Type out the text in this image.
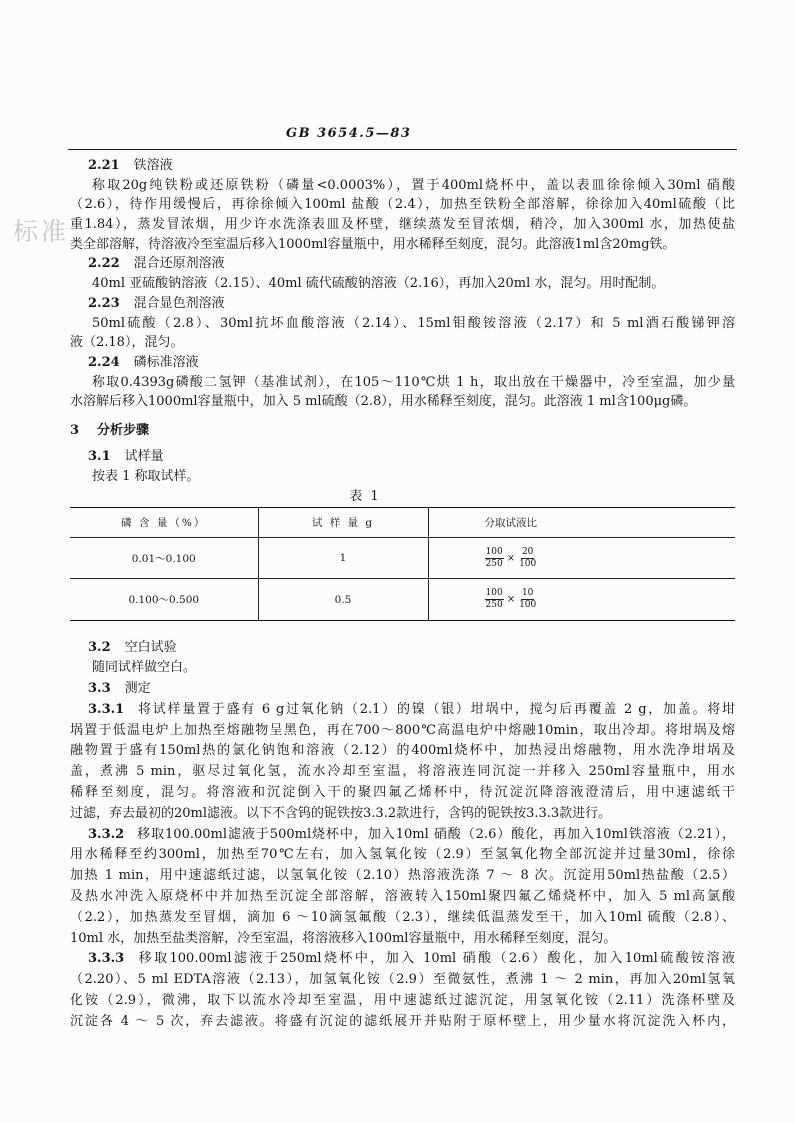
GB 3654.5—83
标准
2.21 铁溶液
称取20g纯铁粉或还原铁粉（磷量<0.0003%），置于400ml烧杯中，盖以表皿徐徐倾入30ml 硝酸
（2.6），待作用缓慢后，再徐徐倾入100ml 盐酸（2.4），加热至铁粉全部溶解，徐徐加入40ml硫酸（比
重1.84），蒸发冒浓烟，用少许水洗涤表皿及杯壁，继续蒸发至冒浓烟，稍冷，加入300ml 水，加热使盐
类全部溶解，待溶液冷至室温后移入1000ml容量瓶中，用水稀释至刻度，混匀。此溶液1ml含20mg铁。
2.22 混合还原剂溶液
40ml 亚硫酸钠溶液（2.15）、40ml 硫代硫酸钠溶液（2.16），再加入20ml 水，混匀。用时配制。
2.23 混合显色剂溶液
50ml硫酸（2.8）、30ml抗坏血酸溶液（2.14）、15ml钼酸铵溶液（2.17）和 5 ml酒石酸锑钾溶
液（2.18），混匀。
2.24 磷标准溶液
称取0.4393g磷酸二氢钾（基准试剂），在105～110℃烘 1 h，取出放在干燥器中，冷至室温，加少量
水溶解后移入1000ml容量瓶中，加入 5 ml硫酸（2.8），用水稀释至刻度，混匀。此溶液 1 ml含100μg磷。
3 分析步骤
3.1 试样量
按表 1 称取试样。
表 1
磷 含 量（%）	试 样 量 g	分取试液比
0.01～0.100	1	$\frac{100}{250} \times \frac{20}{100}$

0.100～0.500	0.5	$\frac{100}{250} \times \frac{10}{100}$
3.2 空白试验
随同试样做空白。
3.3 测定
3.3.1 将试样量置于盛有 6 g过氧化钠（2.1）的镍（银）坩埚中，搅匀后再覆盖 2 g，加盖。将坩
埚置于低温电炉上加热至熔融物呈黑色，再在700～800℃高温电炉中熔融10min，取出冷却。将坩埚及熔
融物置于盛有150ml热的氯化钠饱和溶液（2.12）的400ml烧杯中，加热浸出熔融物，用水洗净坩埚及
盖，煮沸 5 min，驱尽过氧化氢，流水冷却至室温，将溶液连同沉淀一并移入 250ml容量瓶中，用水
稀释至刻度，混匀。将溶液和沉淀倒入干的聚四氟乙烯杯中，待沉淀沉降溶液澄清后，用中速滤纸干
过滤，弃去最初的20ml滤液。以下不含钨的铌铁按3.3.2款进行，含钨的铌铁按3.3.3款进行。
3.3.2 移取100.00ml滤液于500ml烧杯中，加入10ml 硝酸（2.6）酸化，再加入10ml铁溶液（2.21），
用水稀释至约300ml，加热至70℃左右，加入氢氧化铵（2.9）至氢氧化物全部沉淀并过量30ml，徐徐
加热 1 min，用中速滤纸过滤，以氢氧化铵（2.10）热溶液洗涤 7 ～ 8 次。沉淀用50ml热盐酸（2.5）
及热水冲洗入原烧杯中并加热至沉淀全部溶解，溶液转入150ml聚四氟乙烯烧杯中，加入 5 ml高氯酸
（2.2），加热蒸发至冒烟，滴加 6 ～10滴氢氟酸（2.3），继续低温蒸发至干，加入10ml 硫酸（2.8）、
10ml 水，加热至盐类溶解，冷至室温，将溶液移入100ml容量瓶中，用水稀释至刻度，混匀。
3.3.3 移取100.00ml滤液于250ml烧杯中，加入 10ml 硝酸（2.6）酸化，加入10ml硫酸铵溶液
（2.20）、5 ml EDTA溶液（2.13），加氢氧化铵（2.9）至微氨性，煮沸 1 ～ 2 min，再加入20ml氢氧
化铵（2.9），微沸，取下以流水冷却至室温，用中速滤纸过滤沉淀，用氢氧化铵（2.11）洗涤杯壁及
沉淀各 4 ～ 5 次，弃去滤液。将盛有沉淀的滤纸展开并贴附于原杯壁上，用少量水将沉淀洗入杯内，
